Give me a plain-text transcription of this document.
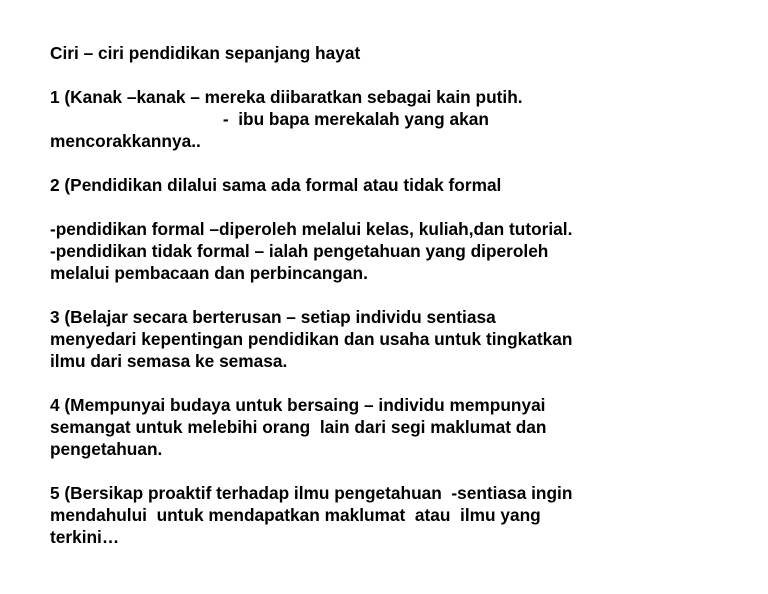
Ciri – ciri pendidikan sepanjang hayat

1 (Kanak –kanak – mereka diibaratkan sebagai kain putih.

-  ibu bapa merekalah yang akan

mencorakkannya..

2 (Pendidikan dilalui sama ada formal atau tidak formal

-pendidikan formal –diperoleh melalui kelas, kuliah,dan tutorial.

-pendidikan tidak formal – ialah pengetahuan yang diperoleh

melalui pembacaan dan perbincangan.

3 (Belajar secara berterusan – setiap individu sentiasa

menyedari kepentingan pendidikan dan usaha untuk tingkatkan

ilmu dari semasa ke semasa.

4 (Mempunyai budaya untuk bersaing – individu mempunyai

semangat untuk melebihi orang  lain dari segi maklumat dan

pengetahuan.

5 (Bersikap proaktif terhadap ilmu pengetahuan  -sentiasa ingin

mendahului  untuk mendapatkan maklumat  atau  ilmu yang

terkini…
